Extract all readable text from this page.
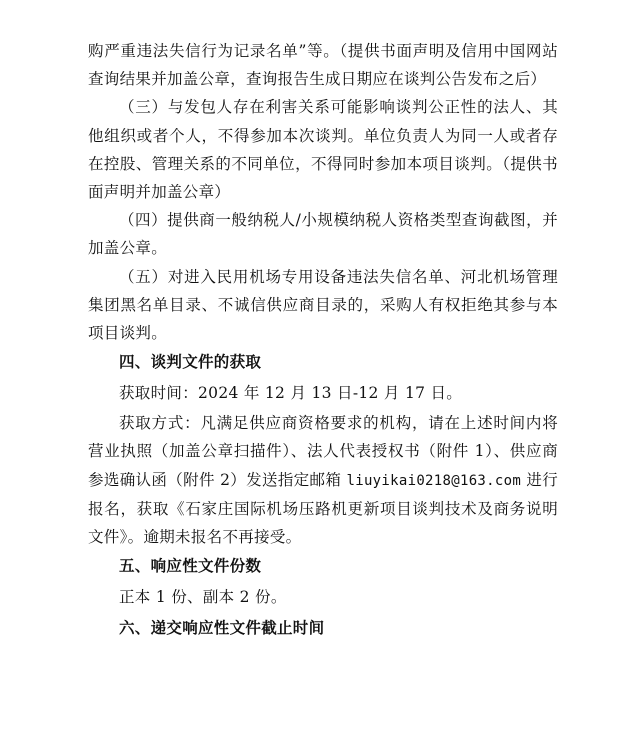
购严重违法失信行为记录名单”等。（提供书面声明及信用中国网站查询结果并加盖公章，查询报告生成日期应在谈判公告发布之后）

（三）与发包人存在利害关系可能影响谈判公正性的法人、其他组织或者个人，不得参加本次谈判。单位负责人为同一人或者存在控股、管理关系的不同单位，不得同时参加本项目谈判。（提供书面声明并加盖公章）

（四）提供商一般纳税人/小规模纳税人资格类型查询截图，并加盖公章。

（五）对进入民用机场专用设备违法失信名单、河北机场管理集团黑名单目录、不诚信供应商目录的，采购人有权拒绝其参与本项目谈判。

四、谈判文件的获取

获取时间：2024 年 12 月 13 日-12 月 17 日。

获取方式：凡满足供应商资格要求的机构，请在上述时间内将营业执照（加盖公章扫描件）、法人代表授权书（附件 1）、供应商参选确认函（附件 2）发送指定邮箱 liuyikai0218@163.com 进行报名，获取《石家庄国际机场压路机更新项目谈判技术及商务说明文件》。逾期未报名不再接受。

五、响应性文件份数

正本 1 份、副本 2 份。

六、递交响应性文件截止时间
